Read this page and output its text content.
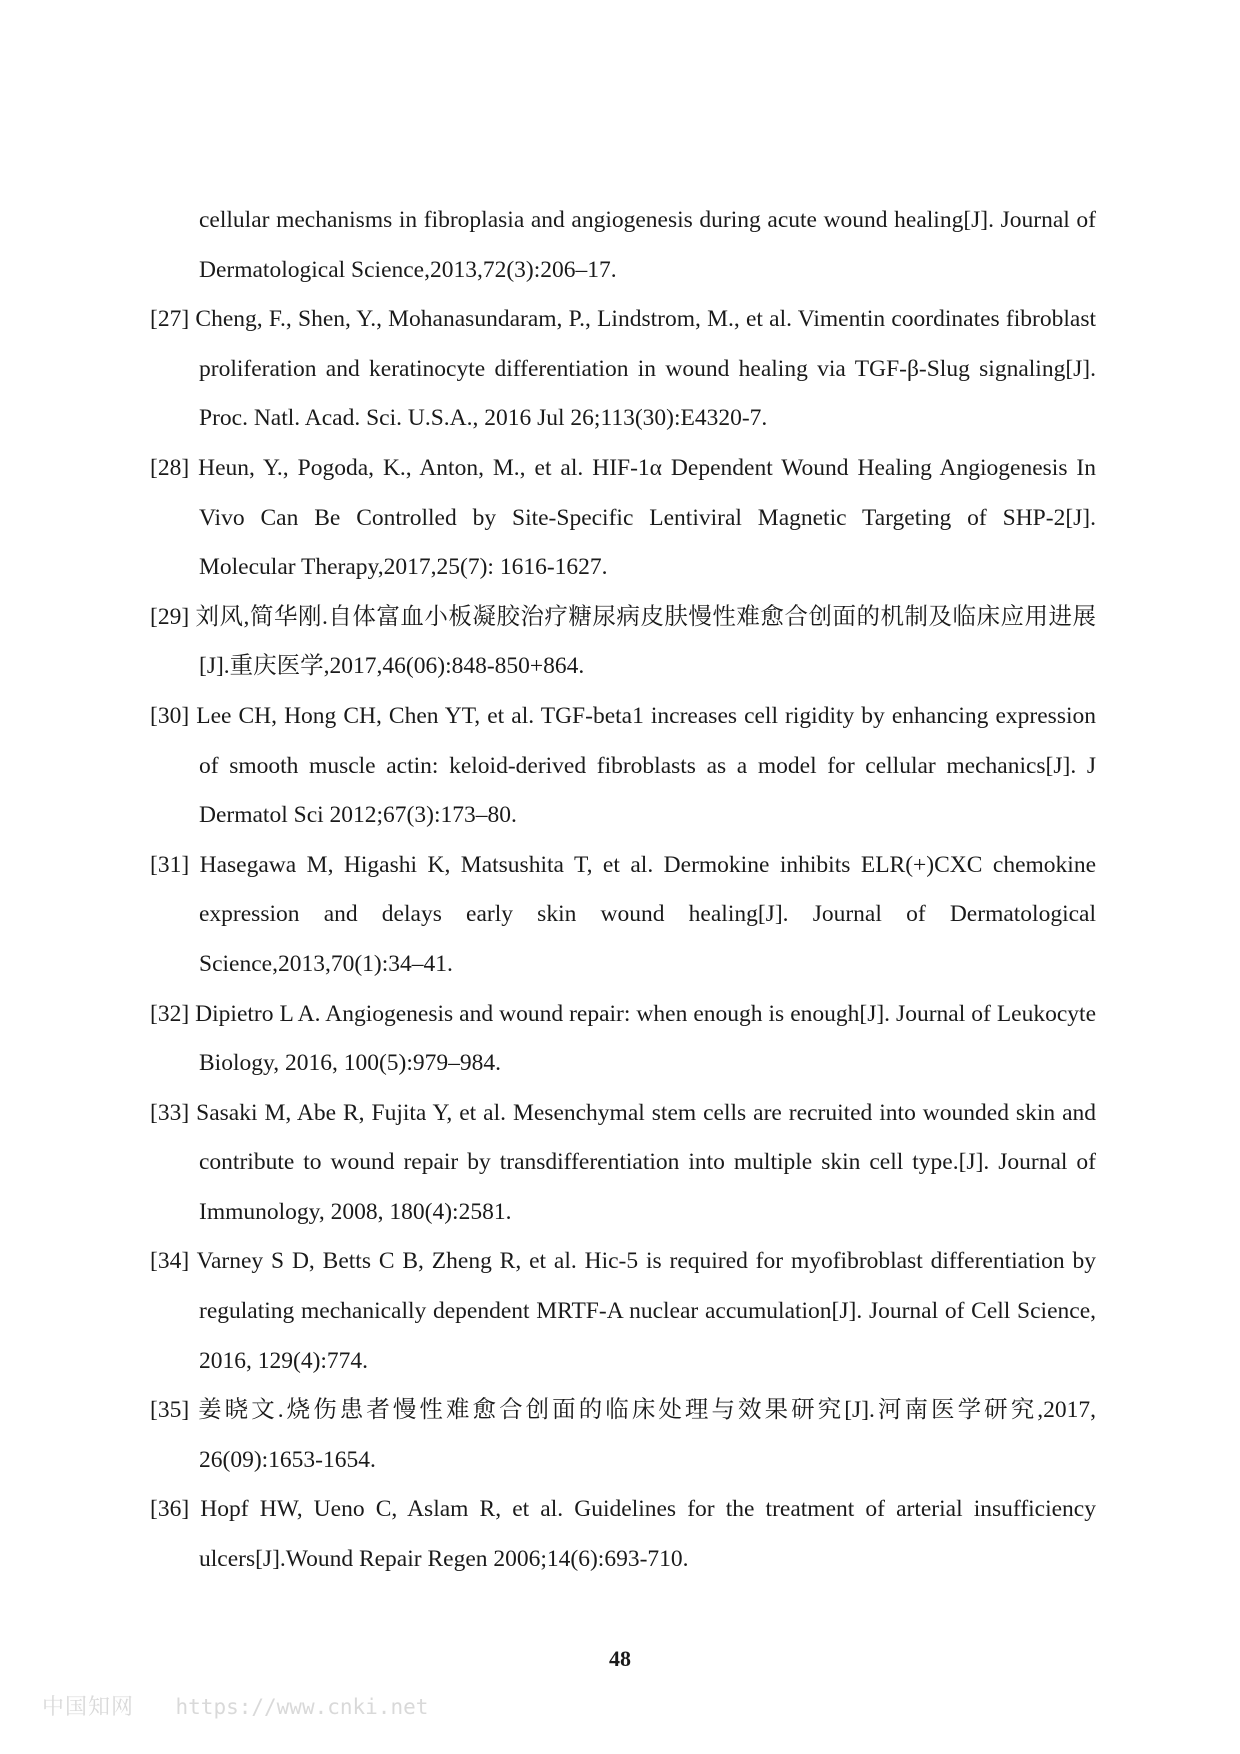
cellular mechanisms in fibroplasia and angiogenesis during acute wound healing[J]. Journal of Dermatological Science,2013,72(3):206–17.

[27] Cheng, F., Shen, Y., Mohanasundaram, P., Lindstrom, M., et al. Vimentin coordinates fibroblast proliferation and keratinocyte differentiation in wound healing via TGF-β-Slug signaling[J]. Proc. Natl. Acad. Sci. U.S.A., 2016 Jul 26;113(30):E4320-7.

[28] Heun, Y., Pogoda, K., Anton, M., et al. HIF-1α Dependent Wound Healing Angiogenesis In Vivo Can Be Controlled by Site-Specific Lentiviral Magnetic Targeting of SHP-2[J]. Molecular Therapy,2017,25(7): 1616-1627.

[29] 刘风,简华刚.自体富血小板凝胶治疗糖尿病皮肤慢性难愈合创面的机制及临床应用进展[J].重庆医学,2017,46(06):848-850+864.

[30] Lee CH, Hong CH, Chen YT, et al. TGF-beta1 increases cell rigidity by enhancing expression of smooth muscle actin: keloid-derived fibroblasts as a model for cellular mechanics[J]. J Dermatol Sci 2012;67(3):173–80.

[31] Hasegawa M, Higashi K, Matsushita T, et al. Dermokine inhibits ELR(+)CXC chemokine expression and delays early skin wound healing[J]. Journal of Dermatological Science,2013,70(1):34–41.

[32] Dipietro L A. Angiogenesis and wound repair: when enough is enough[J]. Journal of Leukocyte Biology, 2016, 100(5):979–984.

[33] Sasaki M, Abe R, Fujita Y, et al. Mesenchymal stem cells are recruited into wounded skin and contribute to wound repair by transdifferentiation into multiple skin cell type.[J]. Journal of Immunology, 2008, 180(4):2581.

[34] Varney S D, Betts C B, Zheng R, et al. Hic-5 is required for myofibroblast differentiation by regulating mechanically dependent MRTF-A nuclear accumulation[J]. Journal of Cell Science, 2016, 129(4):774.

[35] 姜晓文.烧伤患者慢性难愈合创面的临床处理与效果研究[J].河南医学研究,2017, 26(09):1653-1654.

[36] Hopf HW, Ueno C, Aslam R, et al. Guidelines for the treatment of arterial insufficiency ulcers[J].Wound Repair Regen 2006;14(6):693-710.

48
中国知网 https://www.cnki.net
